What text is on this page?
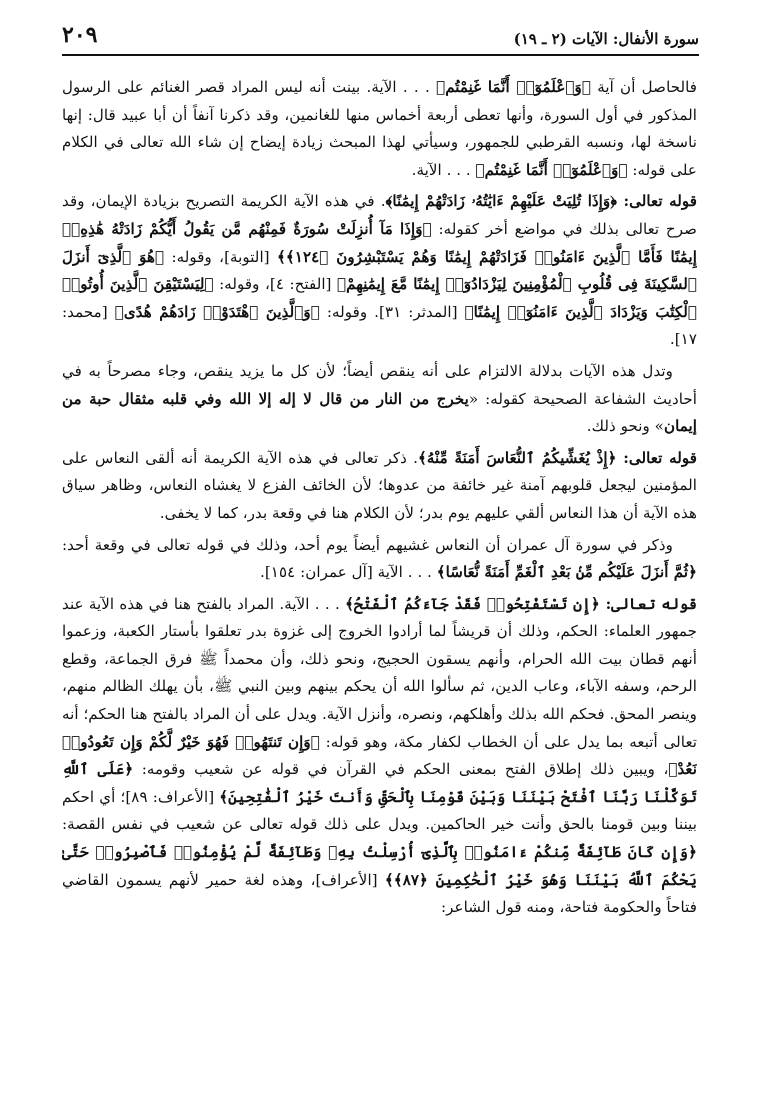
سورة الأنفال: الآيات (٢ ـ ١٩)
٢٠٩

فالحاصل أن آية ﴿وَٱعْلَمُوٓا۟ أَنَّمَا غَنِمْتُم﴾ . . . الآية. بينت أنه ليس المراد قصر الغنائم على الرسول المذكور في أول السورة، وأنها تعطى أربعة أخماس منها للغانمين، وقد ذكرنا آنفاً أن أبا عبيد قال: إنها ناسخة لها، ونسبه القرطبي للجمهور، وسيأتي لهذا المبحث زيادة إيضاح إن شاء الله تعالى في الكلام على قوله: ﴿وَٱعْلَمُوٓا۟ أَنَّمَا غَنِمْتُم﴾ . . . الآية.

قوله تعالى: ﴿وَإِذَا تُلِيَتْ عَلَيْهِمْ ءَايَٰتُهُۥ زَادَتْهُمْ إِيمَٰنًا﴾. في هذه الآية الكريمة التصريح بزيادة الإيمان، وقد صرح تعالى بذلك في مواضع أخر كقوله: ﴿وَإِذَا مَآ أُنزِلَتْ سُورَةٌ فَمِنْهُم مَّن يَقُولُ أَيُّكُمْ زَادَتْهُ هَٰذِهِۦٓ إِيمَٰنًا فَأَمَّا ٱلَّذِينَ ءَامَنُوا۟ فَزَادَتْهُمْ إِيمَٰنًا وَهُمْ يَسْتَبْشِرُونَ ﴿١٢٤﴾﴾ [التوبة]، وقوله: ﴿هُوَ ٱلَّذِىٓ أَنزَلَ ٱلسَّكِينَةَ فِى قُلُوبِ ٱلْمُؤْمِنِينَ لِيَزْدَادُوٓا۟ إِيمَٰنًا مَّعَ إِيمَٰنِهِمْ﴾ [الفتح: ٤]، وقوله: ﴿لِيَسْتَيْقِنَ ٱلَّذِينَ أُوتُوا۟ ٱلْكِتَٰبَ وَيَزْدَادَ ٱلَّذِينَ ءَامَنُوٓا۟ إِيمَٰنًا﴾ [المدثر: ٣١]. وقوله: ﴿وَٱلَّذِينَ ٱهْتَدَوْا۟ زَادَهُمْ هُدًى﴾ [محمد: ١٧].

وتدل هذه الآيات بدلالة الالتزام على أنه ينقص أيضاً؛ لأن كل ما يزيد ينقص، وجاء مصرحاً به في أحاديث الشفاعة الصحيحة كقوله: «يخرج من النار من قال لا إله إلا الله وفي قلبه مثقال حبة من إيمان» ونحو ذلك.

قوله تعالى: ﴿إِذْ يُغَشِّيكُمُ ٱلنُّعَاسَ أَمَنَةً مِّنْهُ﴾. ذكر تعالى في هذه الآية الكريمة أنه ألقى النعاس على المؤمنين ليجعل قلوبهم آمنة غير خائفة من عدوها؛ لأن الخائف الفزع لا يغشاه النعاس، وظاهر سياق هذه الآية أن هذا النعاس ألقي عليهم يوم بدر؛ لأن الكلام هنا في وقعة بدر، كما لا يخفى.

وذكر في سورة آل عمران أن النعاس غشيهم أيضاً يوم أحد، وذلك في قوله تعالى في وقعة أحد: ﴿ثُمَّ أَنزَلَ عَلَيْكُم مِّنۢ بَعْدِ ٱلْغَمِّ أَمَنَةً نُّعَاسًا﴾ . . . الآية [آل عمران: ١٥٤].

قوله تعالى: ﴿إِن تَسْتَفْتِحُوا۟ فَقَدْ جَآءَكُمُ ٱلْفَتْحُ﴾ . . . الآية. المراد بالفتح هنا في هذه الآية عند جمهور العلماء: الحكم، وذلك أن قريشاً لما أرادوا الخروج إلى غزوة بدر تعلقوا بأستار الكعبة، وزعموا أنهم قطان بيت الله الحرام، وأنهم يسقون الحجيج، ونحو ذلك، وأن محمداً ﷺ فرق الجماعة، وقطع الرحم، وسفه الآباء، وعاب الدين، ثم سألوا الله أن يحكم بينهم وبين النبي ﷺ، بأن يهلك الظالم منهم، وينصر المحق. فحكم الله بذلك وأهلكهم، ونصره، وأنزل الآية. ويدل على أن المراد بالفتح هنا الحكم؛ أنه تعالى أتبعه بما يدل على أن الخطاب لكفار مكة، وهو قوله: ﴿وَإِن تَنتَهُوا۟ فَهُوَ خَيْرٌ لَّكُمْ وَإِن تَعُودُوا۟ نَعُدْ﴾، ويبين ذلك إطلاق الفتح بمعنى الحكم في القرآن في قوله عن شعيب وقومه: ﴿عَلَى ٱللَّهِ تَوَكَّلْنَا رَبَّنَا ٱفْتَحْ بَيْنَنَا وَبَيْنَ قَوْمِنَا بِٱلْحَقِّ وَأَنتَ خَيْرُ ٱلْفَٰتِحِينَ﴾ [الأعراف: ٨٩]؛ أي احكم بيننا وبين قومنا بالحق وأنت خير الحاكمين. ويدل على ذلك قوله تعالى عن شعيب في نفس القصة: ﴿وَإِن كَانَ طَآئِفَةٌ مِّنكُمْ ءَامَنُوا۟ بِٱلَّذِىٓ أُرْسِلْتُ بِهِۦ وَطَآئِفَةٌ لَّمْ يُؤْمِنُوا۟ فَٱصْبِرُوا۟ حَتَّىٰ يَحْكُمَ ٱللَّهُ بَيْنَنَا وَهُوَ خَيْرُ ٱلْحَٰكِمِينَ ﴿٨٧﴾﴾ [الأعراف]، وهذه لغة حمير لأنهم يسمون القاضي فتاحاً والحكومة فتاحة، ومنه قول الشاعر:
